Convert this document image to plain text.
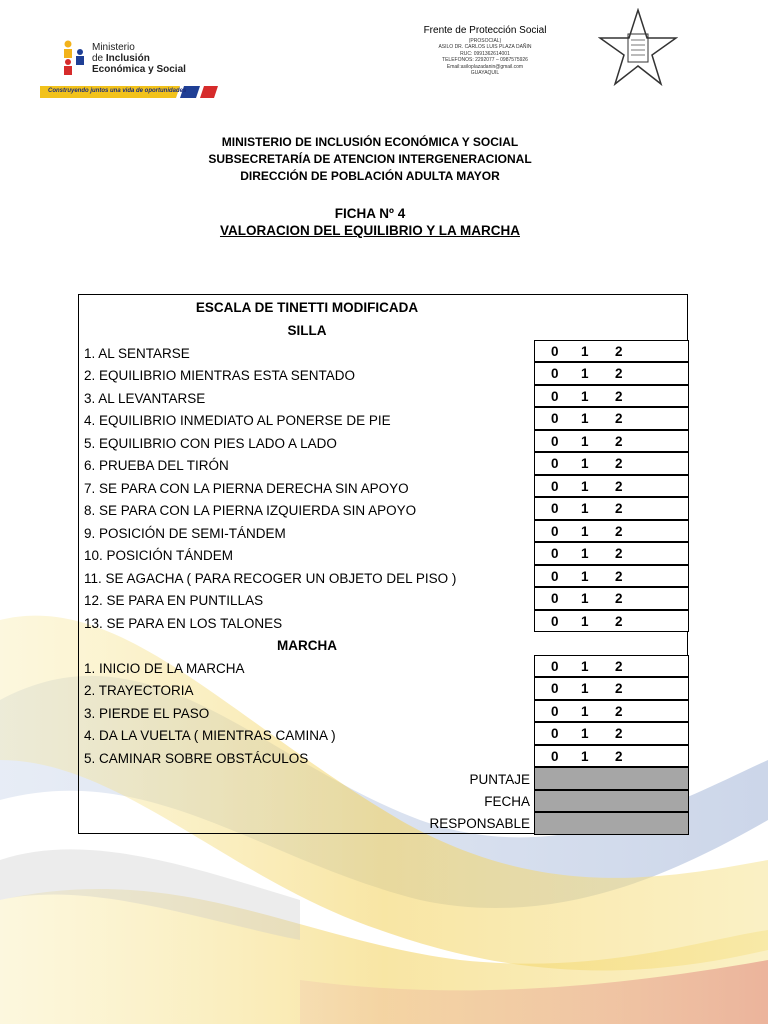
Ministerio
de Inclusión
Económica y Social
Construyendo juntos una vida de oportunidades
Frente de Protección Social
(PROSOCIAL)
ASILO DR. CARLOS LUIS PLAZA DAÑIN
RUC: 0991362614001
TELEFONOS: 2292077 – 0987575926
Email:asiloplazadanin@gmail.com
GUAYAQUIL
MINISTERIO DE INCLUSIÓN ECONÓMICA Y SOCIAL
SUBSECRETARÍA DE ATENCION INTERGENERACIONAL
DIRECCIÓN DE POBLACIÓN ADULTA MAYOR
FICHA Nº 4
VALORACION DEL EQUILIBRIO Y LA MARCHA
ESCALA DE TINETTI MODIFICADA
SILLA
1. AL SENTARSE
2. EQUILIBRIO MIENTRAS ESTA SENTADO
3. AL LEVANTARSE
4. EQUILIBRIO INMEDIATO AL PONERSE DE PIE
5. EQUILIBRIO CON PIES LADO A LADO
6. PRUEBA DEL TIRÓN
7. SE PARA CON LA PIERNA DERECHA SIN APOYO
8. SE PARA CON LA PIERNA IZQUIERDA SIN APOYO
9. POSICIÓN DE SEMI-TÁNDEM
10. POSICIÓN TÁNDEM
11. SE AGACHA ( PARA RECOGER UN OBJETO DEL PISO )
12. SE PARA EN PUNTILLAS
13. SE PARA EN LOS TALONES
MARCHA
1. INICIO DE LA MARCHA
2. TRAYECTORIA
3. PIERDE EL PASO
4. DA LA VUELTA ( MIENTRAS CAMINA )
5. CAMINAR SOBRE OBSTÁCULOS
0 1 2
0 1 2
0 1 2
0 1 2
0 1 2
0 1 2
0 1 2
0 1 2
0 1 2
0 1 2
0 1 2
0 1 2
0 1 2
0 1 2
0 1 2
0 1 2
0 1 2
0 1 2
PUNTAJE
FECHA
RESPONSABLE
